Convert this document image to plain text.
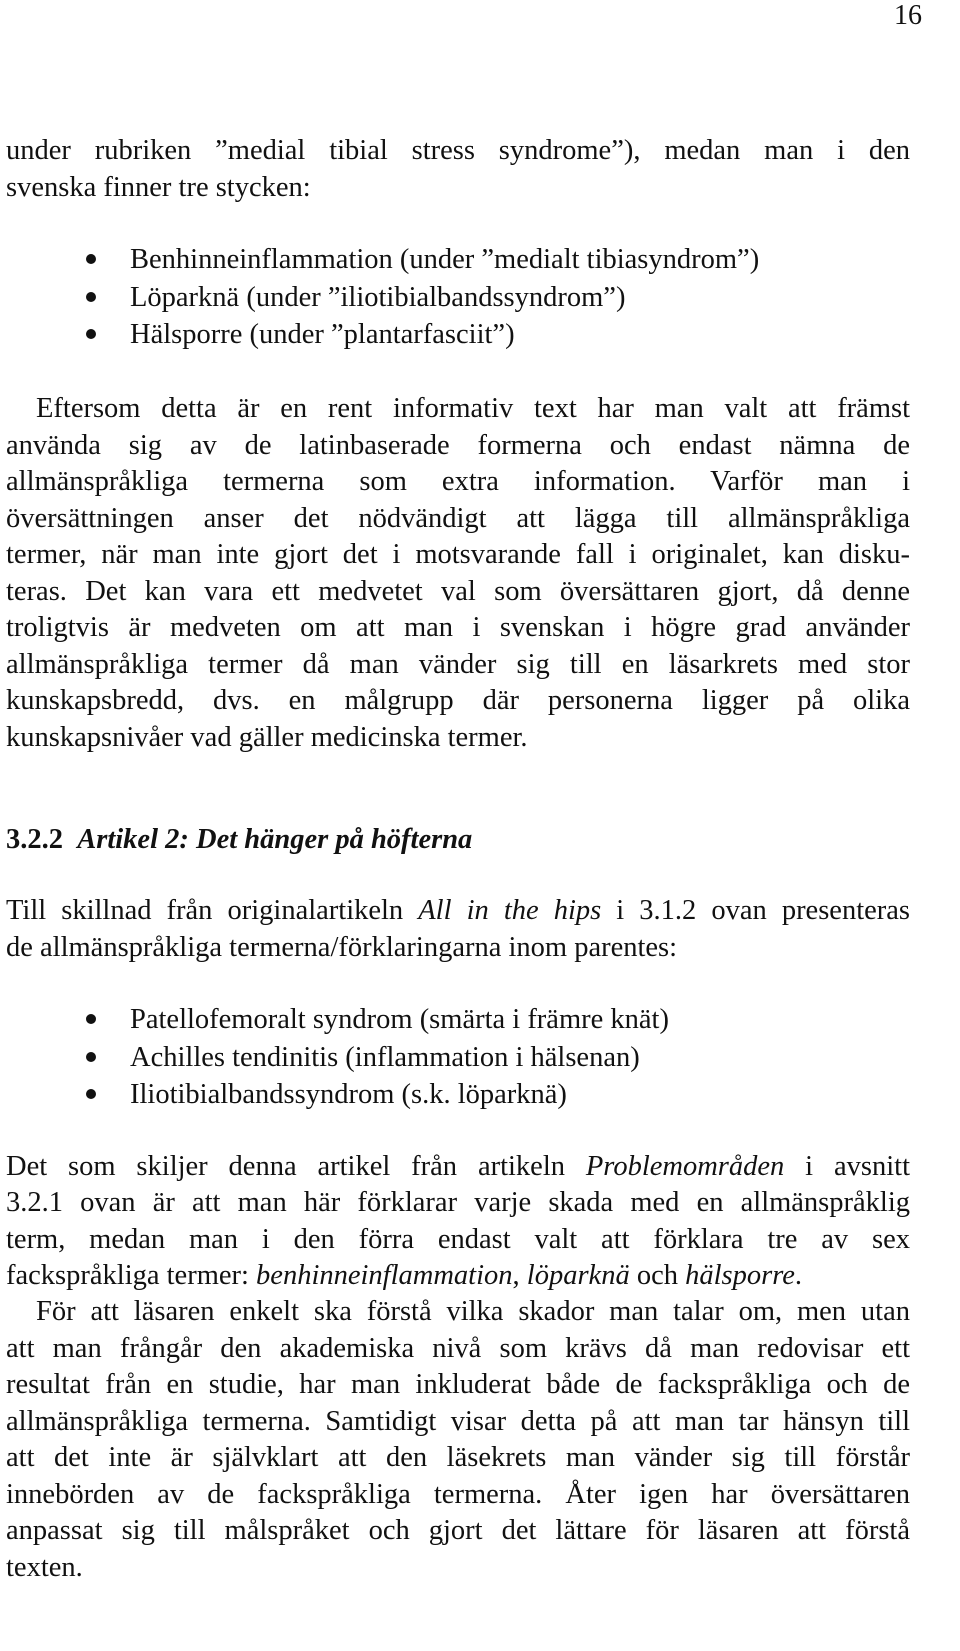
16
under rubriken ”medial tibial stress syndrome”), medan man i den
svenska finner tre stycken:
Benhinneinflammation (under ”medialt tibiasyndrom”)
Löparknä (under ”iliotibialbandssyndrom”)
Hälsporre (under ”plantarfasciit”)
Eftersom detta är en rent informativ text har man valt att främst
använda sig av de latinbaserade formerna och endast nämna de
allmänspråkliga termerna som extra information. Varför man i
översättningen anser det nödvändigt att lägga till allmänspråkliga
termer, när man inte gjort det i motsvarande fall i originalet, kan disku-
teras. Det kan vara ett medvetet val som översättaren gjort, då denne
troligtvis är medveten om att man i svenskan i högre grad använder
allmänspråkliga termer då man vänder sig till en läsarkrets med stor
kunskapsbredd, dvs. en målgrupp där personerna ligger på olika
kunskapsnivåer vad gäller medicinska termer.
3.2.2 Artikel 2: Det hänger på höfterna
Till skillnad från originalartikeln All in the hips i 3.1.2 ovan presenteras
de allmänspråkliga termerna/förklaringarna inom parentes:
Patellofemoralt syndrom (smärta i främre knät)
Achilles tendinitis (inflammation i hälsenan)
Iliotibialbandssyndrom (s.k. löparknä)
Det som skiljer denna artikel från artikeln Problemområden i avsnitt
3.2.1 ovan är att man här förklarar varje skada med en allmänspråklig
term, medan man i den förra endast valt att förklara tre av sex
fackspråkliga termer: benhinneinflammation, löparknä och hälsporre.
För att läsaren enkelt ska förstå vilka skador man talar om, men utan
att man frångår den akademiska nivå som krävs då man redovisar ett
resultat från en studie, har man inkluderat både de fackspråkliga och de
allmänspråkliga termerna. Samtidigt visar detta på att man tar hänsyn till
att det inte är självklart att den läsekrets man vänder sig till förstår
innebörden av de fackspråkliga termerna. Åter igen har översättaren
anpassat sig till målspråket och gjort det lättare för läsaren att förstå
texten.
